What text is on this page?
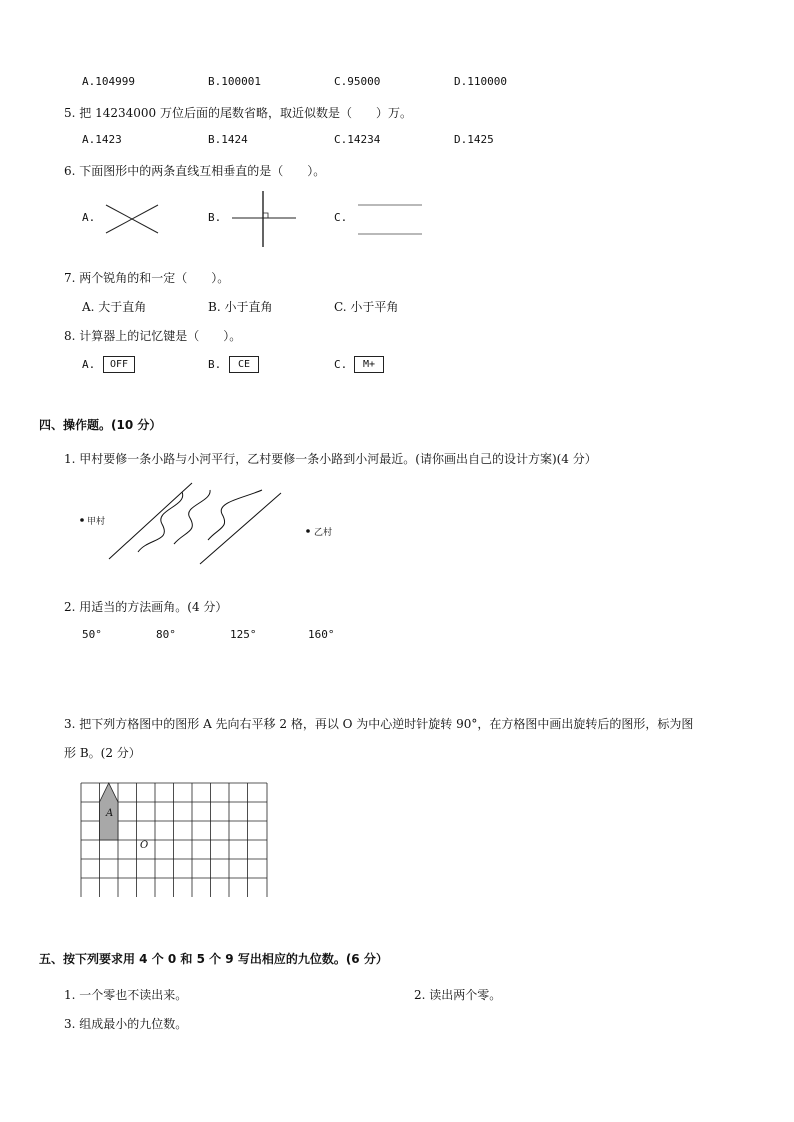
A.104999	B.100001	C.95000	D.110000
5. 把 14234000 万位后面的尾数省略，取近似数是（　　）万。
A.1423	B.1424	C.14234	D.1425
6. 下面图形中的两条直线互相垂直的是（　　）。
A.	B.	C.
7. 两个锐角的和一定（　　）。
A. 大于直角	B. 小于直角	C. 小于平角
8. 计算器上的记忆键是（　　）。
A.	OFF	B.	CE	C.	M+
四、操作题。(10 分）
1. 甲村要修一条小路与小河平行，乙村要修一条小路到小河最近。(请你画出自己的设计方案)(4 分）
甲村
乙村
2. 用适当的方法画角。(4 分）
50°	80°	125°	160°
3. 把下列方格图中的图形 A 先向右平移 2 格，再以 O 为中心逆时针旋转 90°，在方格图中画出旋转后的图形，标为图
形 B。(2 分）
A
O
五、按下列要求用 4 个 0 和 5 个 9 写出相应的九位数。(6 分）
1. 一个零也不读出来。	2. 读出两个零。
3. 组成最小的九位数。
